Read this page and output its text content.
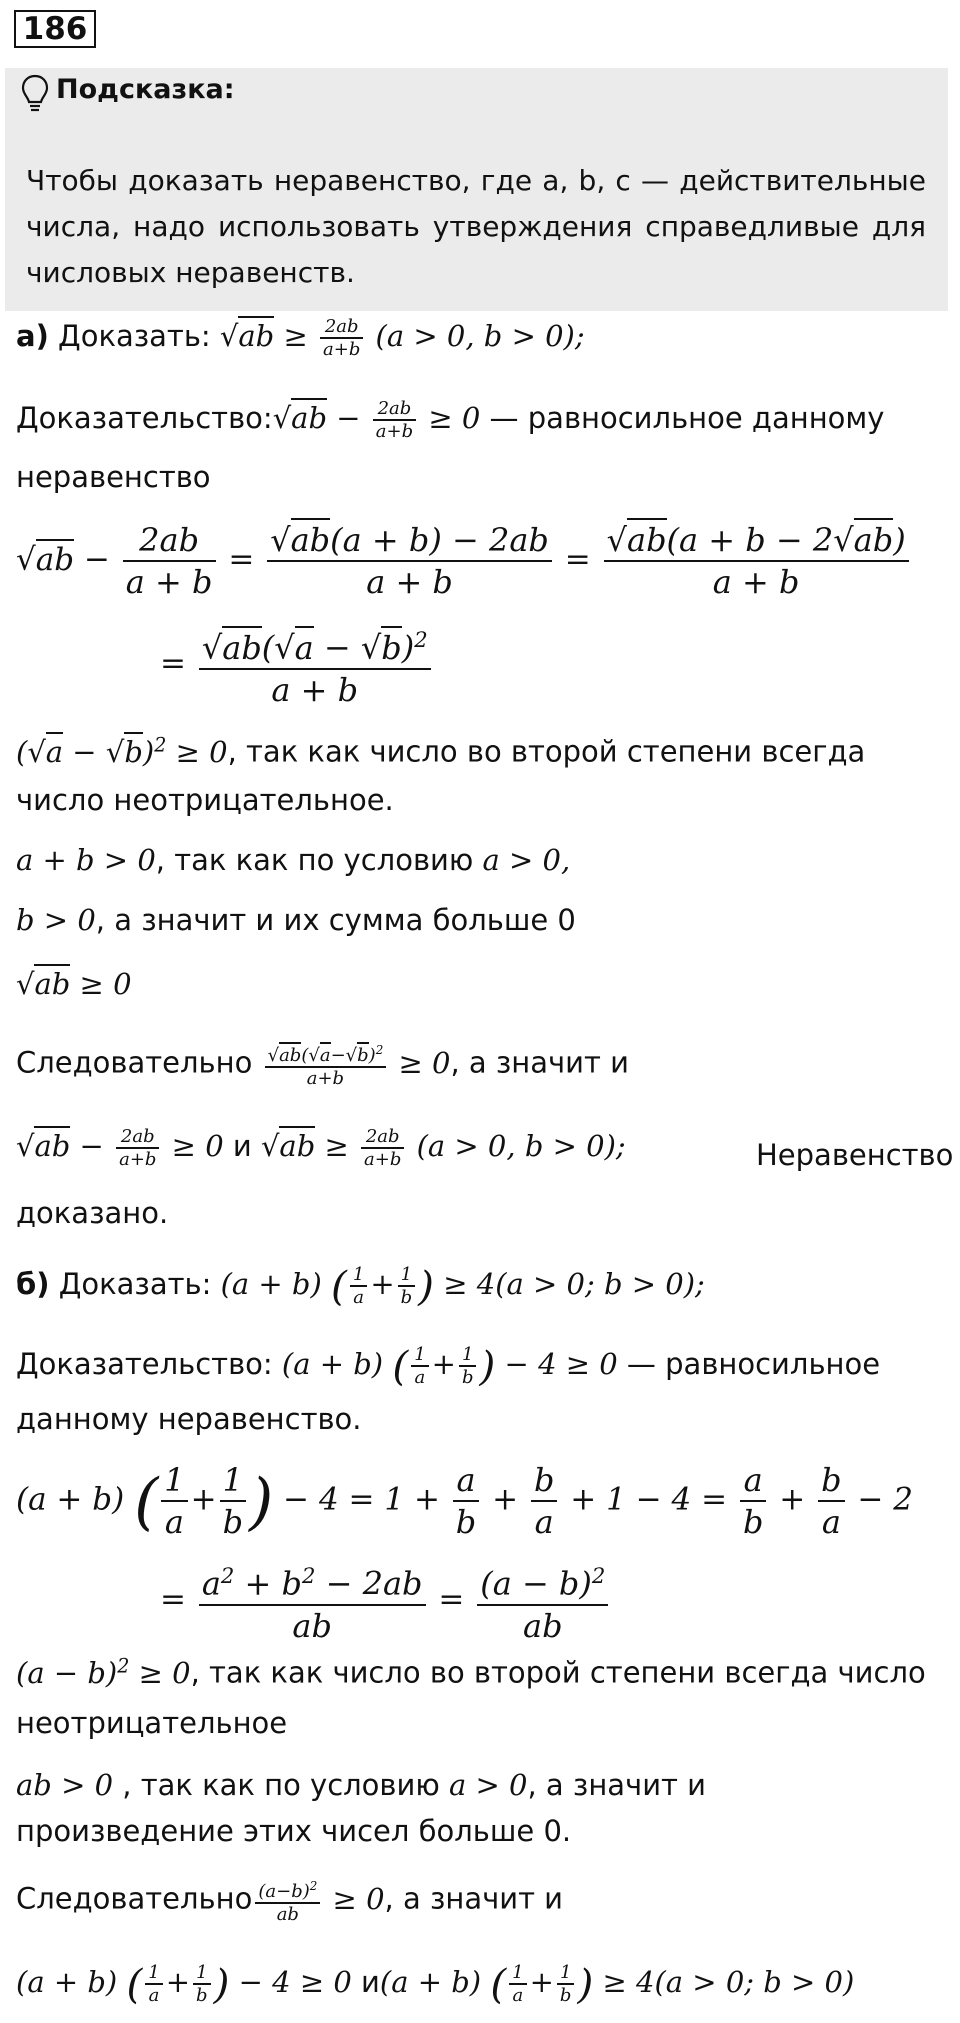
186
Подсказка:
Чтобы доказать неравенство, где a, b, c — действительные числа, надо использовать утверждения справедливые для числовых неравенств.
а) Доказать: $√ab \ge \frac{2ab}{a+b} (a > 0$, b > 0);
Доказательство:√ab − $\frac{2ab}{a+b} \ge 0$ — равносильное данному
неравенство
$√ab - \frac{2ab}{a + b} = \frac{√ab(a + b) - 2ab}{a + b} = \frac{√ab(a + b - 2√ab)}{a + b}$
= $\frac{√ab(√a - √b)^2}{a + b}$
$(√a - √b)^2 \ge 0$, так как число во второй степени всегда
число неотрицательное.
a + b > 0, так как по условию a > 0,
b > 0, а значит и их сумма больше 0
√ab ≥ 0
Следовательно $\frac{√ab(√a-√b)^2}{a+b} \ge 0$, а значит и
$√ab - \frac{2ab}{a+b} \ge 0$ и $√ab \ge \frac{2ab}{a+b} (a > 0$, b > 0);	Неравенство
доказано.
б) Доказать: (a + b) ( $\frac{1}{a} + \frac{1}{b}$ ) ≥ 4(a > 0; b > 0);
Доказательство: (a + b) ( $\frac{1}{a} + \frac{1}{b}$ ) − 4 ≥ 0 — равносильное
данному неравенство.
(a + b) ( $\frac{1}{a} + \frac{1}{b}$ ) − $4 = 1 + \frac{a}{b} + \frac{b}{a} + 1 - 4 = \frac{a}{b} + \frac{b}{a} - 2$
= $\frac{a^2 + b^2 - 2ab}{ab} = \frac{(a - b)^2}{ab}$
$(a - b)^2 \ge 0$, так как число во второй степени всегда число
неотрицательное
ab > 0 , так как по условию a > 0, а значит и
произведение этих чисел больше 0.
Следовательно $\frac{(a-b)^2}{ab} \ge 0$, а значит и
(a + b) ( $\frac{1}{a} + \frac{1}{b}$ ) − 4 ≥ 0 и(a + b) ( $\frac{1}{a} + \frac{1}{b}$ ) ≥ 4(a > 0; b > 0)
